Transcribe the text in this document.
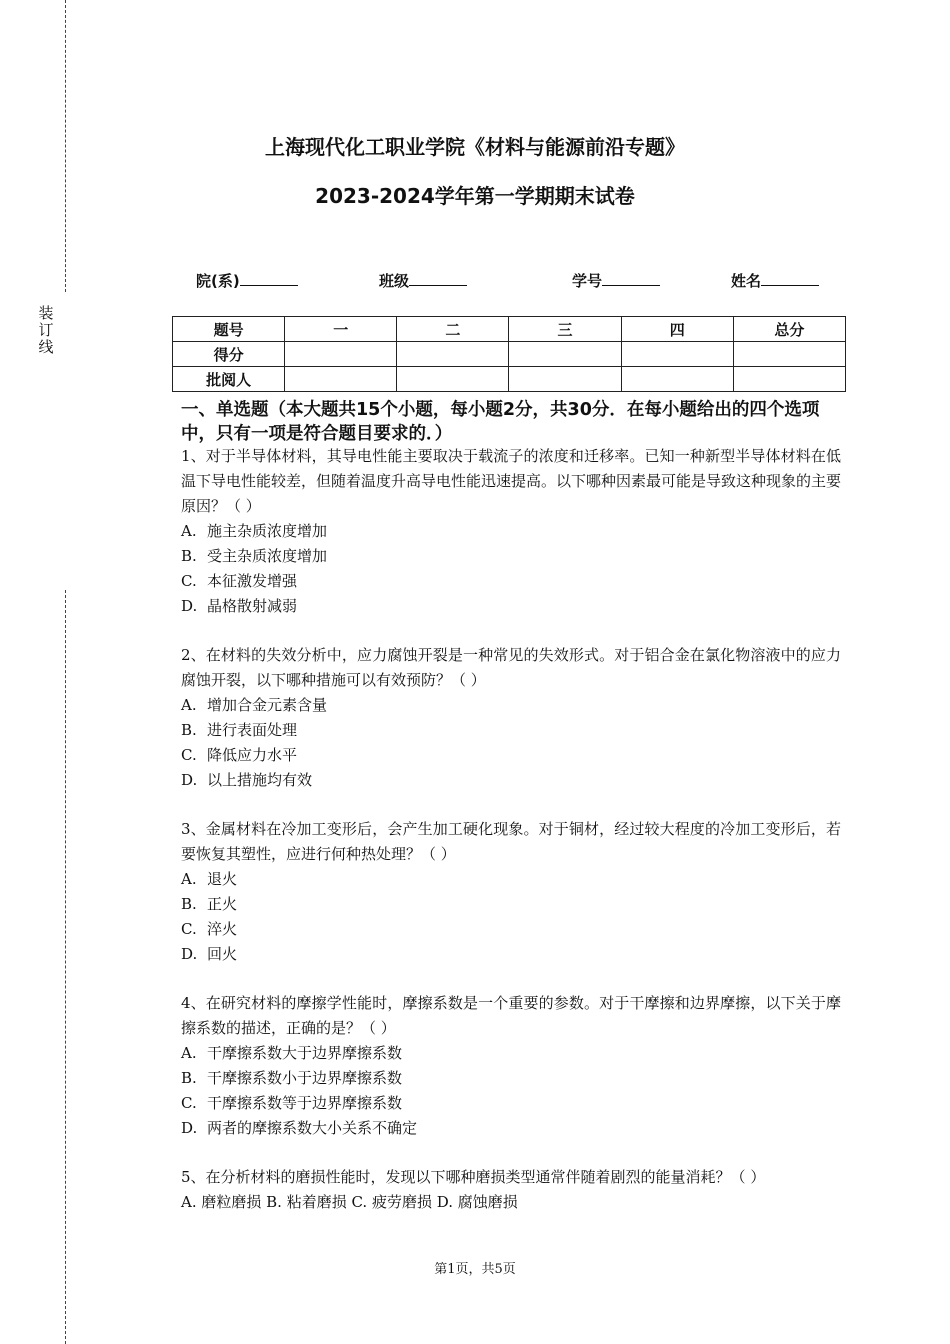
装
订
线
上海现代化工职业学院《材料与能源前沿专题》
2023-2024学年第一学期期末试卷
院(系)	班级	学号	姓名
题号	一	二	三	四	总分
得分					
批阅人					
一、单选题（本大题共15个小题，每小题2分，共30分．在每小题给出的四个选项中，只有一项是符合题目要求的．）
1、对于半导体材料，其导电性能主要取决于载流子的浓度和迁移率。已知一种新型半导体材料在低温下导电性能较差，但随着温度升高导电性能迅速提高。以下哪种因素最可能是导致这种现象的主要原因？（ ）
A. 施主杂质浓度增加
B. 受主杂质浓度增加
C. 本征激发增强
D. 晶格散射减弱
2、在材料的失效分析中，应力腐蚀开裂是一种常见的失效形式。对于铝合金在氯化物溶液中的应力腐蚀开裂，以下哪种措施可以有效预防？（ ）
A. 增加合金元素含量
B. 进行表面处理
C. 降低应力水平
D. 以上措施均有效
3、金属材料在冷加工变形后，会产生加工硬化现象。对于铜材，经过较大程度的冷加工变形后，若要恢复其塑性，应进行何种热处理？（ ）
A. 退火
B. 正火
C. 淬火
D. 回火
4、在研究材料的摩擦学性能时，摩擦系数是一个重要的参数。对于干摩擦和边界摩擦，以下关于摩擦系数的描述，正确的是？（ ）
A. 干摩擦系数大于边界摩擦系数
B. 干摩擦系数小于边界摩擦系数
C. 干摩擦系数等于边界摩擦系数
D. 两者的摩擦系数大小关系不确定
5、在分析材料的磨损性能时，发现以下哪种磨损类型通常伴随着剧烈的能量消耗？（ ）
A. 磨粒磨损 B. 粘着磨损 C. 疲劳磨损 D. 腐蚀磨损
第1页，共5页
